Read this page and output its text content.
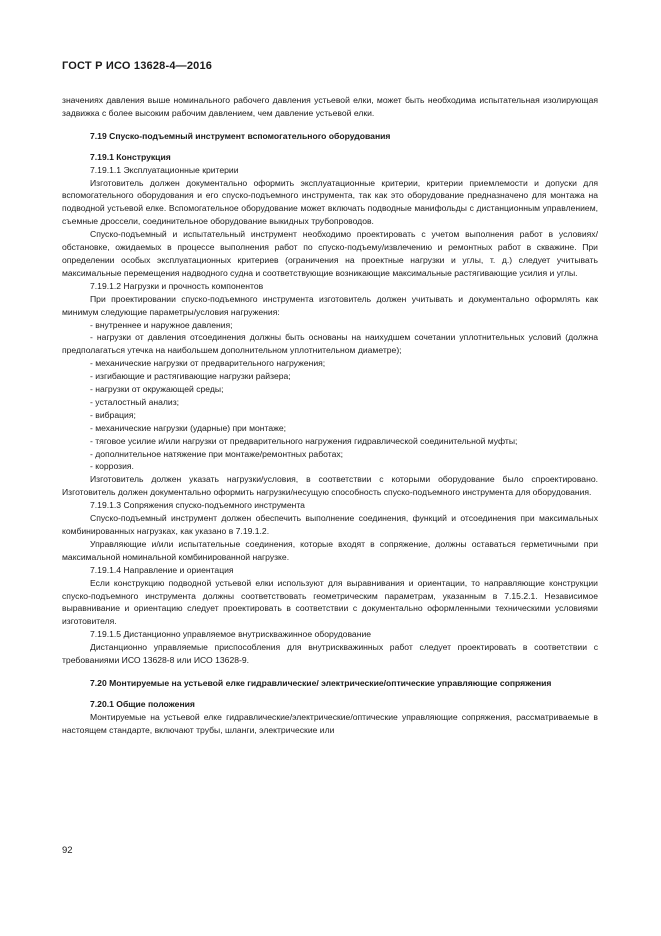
ГОСТ Р ИСО 13628-4—2016

значениях давления выше номинального рабочего давления устьевой елки, может быть необходима испытательная изолирующая задвижка с более высоким рабочим давлением, чем давление устьевой елки.

7.19 Спуско-подъемный инструмент вспомогательного оборудования

7.19.1 Конструкция

7.19.1.1 Эксплуатационные критерии

Изготовитель должен документально оформить эксплуатационные критерии, критерии приемлемости и допуски для вспомогательного оборудования и его спуско-подъемного инструмента, так как это оборудование предназначено для монтажа на подводной устьевой елке. Вспомогательное оборудование может включать подводные манифольды с дистанционным управлением, съемные дроссели, соединительное оборудование выкидных трубопроводов.

Спуско-подъемный и испытательный инструмент необходимо проектировать с учетом выполнения работ в условиях/обстановке, ожидаемых в процессе выполнения работ по спуско-подъему/извлечению и ремонтных работ в скважине. При определении особых эксплуатационных критериев (ограничения на проектные нагрузки и углы, т. д.) следует учитывать максимальные перемещения надводного судна и соответствующие возникающие максимальные растягивающие усилия и углы.

7.19.1.2 Нагрузки и прочность компонентов

При проектировании спуско-подъемного инструмента изготовитель должен учитывать и документально оформлять как минимум следующие параметры/условия нагружения:

- внутреннее и наружное давления;

- нагрузки от давления отсоединения должны быть основаны на наихудшем сочетании уплотнительных условий (должна предполагаться утечка на наибольшем дополнительном уплотнительном диаметре);

- механические нагрузки от предварительного нагружения;

- изгибающие и растягивающие нагрузки райзера;

- нагрузки от окружающей среды;

- усталостный анализ;

- вибрация;

- механические нагрузки (ударные) при монтаже;

- тяговое усилие и/или нагрузки от предварительного нагружения гидравлической соединительной муфты;

- дополнительное натяжение при монтаже/ремонтных работах;

- коррозия.

Изготовитель должен указать нагрузки/условия, в соответствии с которыми оборудование было спроектировано. Изготовитель должен документально оформить нагрузки/несущую способность спуско-подъемного инструмента для оборудования.

7.19.1.3 Сопряжения спуско-подъемного инструмента

Спуско-подъемный инструмент должен обеспечить выполнение соединения, функций и отсоединения при максимальных комбинированных нагрузках, как указано в 7.19.1.2.

Управляющие и/или испытательные соединения, которые входят в сопряжение, должны оставаться герметичными при максимальной номинальной комбинированной нагрузке.

7.19.1.4 Направление и ориентация

Если конструкцию подводной устьевой елки используют для выравнивания и ориентации, то направляющие конструкции спуско-подъемного инструмента должны соответствовать геометрическим параметрам, указанным в 7.15.2.1. Независимое выравнивание и ориентацию следует проектировать в соответствии с документально оформленными техническими условиями изготовителя.

7.19.1.5 Дистанционно управляемое внутрискважинное оборудование

Дистанционно управляемые приспособления для внутрискважинных работ следует проектировать в соответствии с требованиями ИСО 13628-8 или ИСО 13628-9.

7.20 Монтируемые на устьевой елке гидравлические/ электрические/оптические управляющие сопряжения

7.20.1 Общие положения

Монтируемые на устьевой елке гидравлические/электрические/оптические управляющие сопряжения, рассматриваемые в настоящем стандарте, включают трубы, шланги, электрические или

92
